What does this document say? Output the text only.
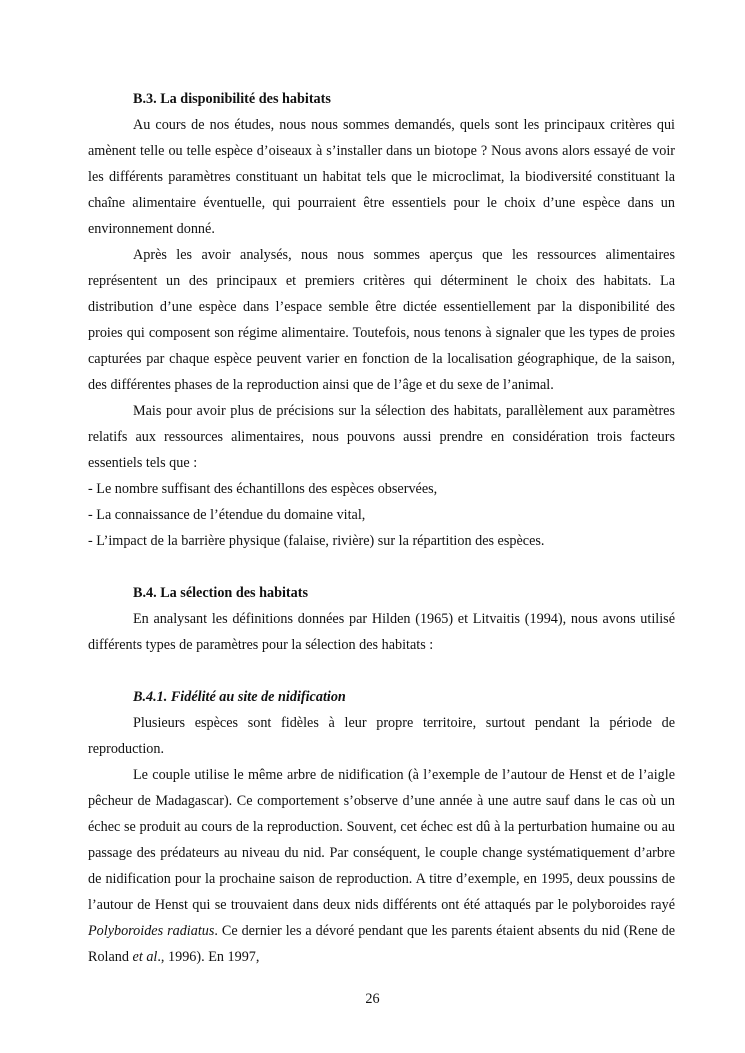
B.3. La disponibilité des habitats

Au cours de nos études, nous nous sommes demandés, quels sont les principaux critères qui amènent telle ou telle espèce d’oiseaux à s’installer dans un biotope ? Nous avons alors essayé de voir les différents paramètres constituant un habitat tels que le microclimat, la biodiversité constituant la chaîne alimentaire éventuelle, qui pourraient être essentiels pour le choix d’une espèce dans un environnement donné.

Après les avoir analysés, nous nous sommes aperçus que les ressources alimentaires représentent un des principaux et premiers critères qui déterminent le choix des habitats. La distribution d’une espèce dans l’espace semble être dictée essentiellement par la disponibilité des proies qui composent son régime alimentaire. Toutefois, nous tenons à signaler que les types de proies capturées par chaque espèce peuvent varier en fonction de la localisation géographique, de la saison, des différentes phases de la reproduction ainsi que de l’âge et du sexe de l’animal.

Mais pour avoir plus de précisions sur la sélection des habitats, parallèlement aux paramètres relatifs aux ressources alimentaires, nous pouvons aussi prendre en considération trois facteurs essentiels tels que :

- Le nombre suffisant des échantillons des espèces observées,
- La connaissance de l’étendue du domaine vital,
- L’impact de la barrière physique (falaise, rivière) sur la répartition des espèces.
B.4. La sélection des habitats

En analysant les définitions données par Hilden (1965) et Litvaitis (1994), nous avons utilisé différents types de paramètres pour la sélection des habitats :

B.4.1. Fidélité au site de nidification

Plusieurs espèces sont fidèles à leur propre territoire, surtout pendant la période de reproduction.

Le couple utilise le même arbre de nidification (à l’exemple de l’autour de Henst et de l’aigle pêcheur de Madagascar). Ce comportement s’observe d’une année à une autre sauf dans le cas où un échec se produit au cours de la reproduction. Souvent, cet échec est dû à la perturbation humaine ou au passage des prédateurs au niveau du nid. Par conséquent, le couple change systématiquement d’arbre de nidification pour la prochaine saison de reproduction. A titre d’exemple, en 1995, deux poussins de l’autour de Henst qui se trouvaient dans deux nids différents ont été attaqués par le polyboroides rayé Polyboroides radiatus. Ce dernier les a dévoré pendant que les parents étaient absents du nid (Rene de Roland et al., 1996). En 1997,

26
